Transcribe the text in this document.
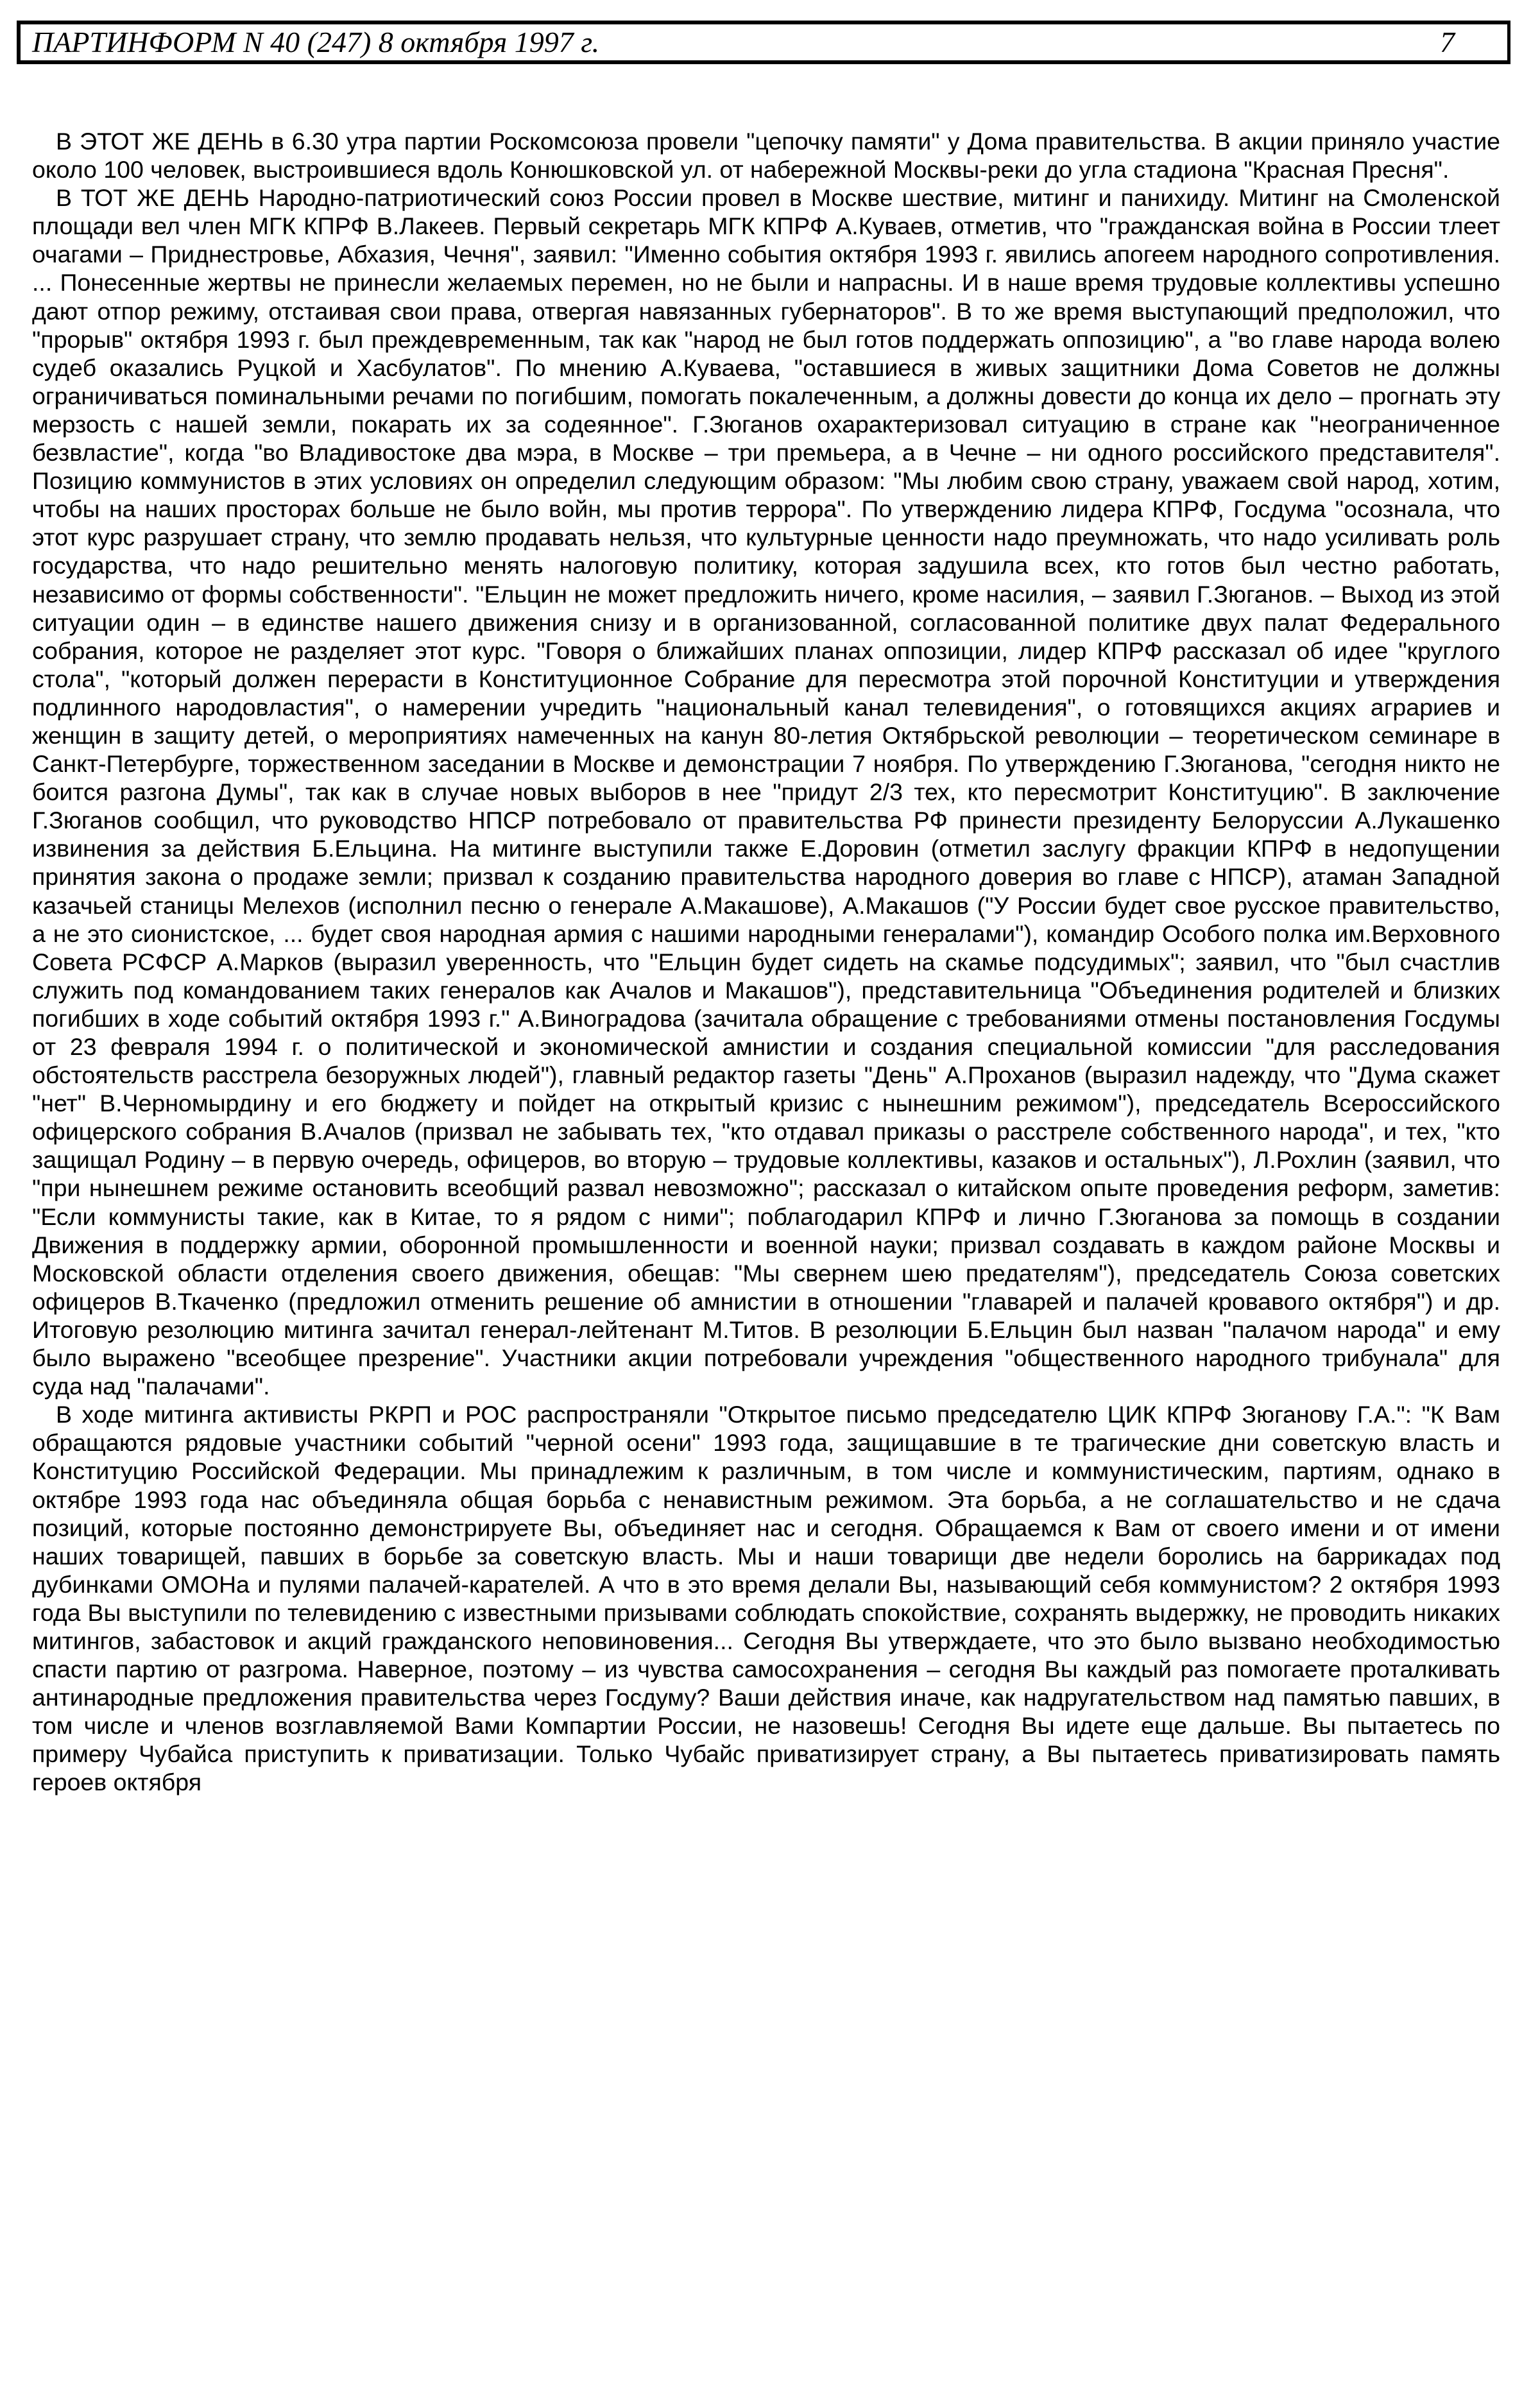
ПАРТИНФОРМ N 40 (247) 8 октября 1997 г.	7

В ЭТОТ ЖЕ ДЕНЬ в 6.30 утра партии Роскомсоюза провели "цепочку памяти" у Дома правительства. В акции приняло участие около 100 человек, выстроившиеся вдоль Конюшковской ул. от набережной Москвы-реки до угла стадиона "Красная Пресня".

В ТОТ ЖЕ ДЕНЬ Народно-патриотический союз России провел в Москве шествие, митинг и панихиду. Митинг на Смоленской площади вел член МГК КПРФ В.Лакеев. Первый секретарь МГК КПРФ А.Куваев, отметив, что "гражданская война в России тлеет очагами – Приднестровье, Абхазия, Чечня", заявил: "Именно события октября 1993 г. явились апогеем народного сопротивления. ... Понесенные жертвы не принесли желаемых перемен, но не были и напрасны. И в наше время трудовые коллективы успешно дают отпор режиму, отстаивая свои права, отвергая навязанных губернаторов". В то же время выступающий предположил, что "прорыв" октября 1993 г. был преждевременным, так как "народ не был готов поддержать оппозицию", а "во главе народа волею судеб оказались Руцкой и Хасбулатов". По мнению А.Куваева, "оставшиеся в живых защитники Дома Советов не должны ограничиваться поминальными речами по погибшим, помогать покалеченным, а должны довести до конца их дело – прогнать эту мерзость с нашей земли, покарать их за содеянное". Г.Зюганов охарактеризовал ситуацию в стране как "неограниченное безвластие", когда "во Владивостоке два мэра, в Москве – три премьера, а в Чечне – ни одного российского представителя". Позицию коммунистов в этих условиях он определил следующим образом: "Мы любим свою страну, уважаем свой народ, хотим, чтобы на наших просторах больше не было войн, мы против террора". По утверждению лидера КПРФ, Госдума "осознала, что этот курс разрушает страну, что землю продавать нельзя, что культурные ценности надо преумножать, что надо усиливать роль государства, что надо решительно менять налоговую политику, которая задушила всех, кто готов был честно работать, независимо от формы собственности". "Ельцин не может предложить ничего, кроме насилия, – заявил Г.Зюганов. – Выход из этой ситуации один – в единстве нашего движения снизу и в организованной, согласованной политике двух палат Федерального собрания, которое не разделяет этот курс. "Говоря о ближайших планах оппозиции, лидер КПРФ рассказал об идее "круглого стола", "который должен перерасти в Конституционное Собрание для пересмотра этой порочной Конституции и утверждения подлинного народовластия", о намерении учредить "национальный канал телевидения", о готовящихся акциях аграриев и женщин в защиту детей, о мероприятиях намеченных на канун 80-летия Октябрьской революции – теоретическом семинаре в Санкт-Петербурге, торжественном заседании в Москве и демонстрации 7 ноября. По утверждению Г.Зюганова, "сегодня никто не боится разгона Думы", так как в случае новых выборов в нее "придут 2/3 тех, кто пересмотрит Конституцию". В заключение Г.Зюганов сообщил, что руководство НПСР потребовало от правительства РФ принести президенту Белоруссии А.Лукашенко извинения за действия Б.Ельцина. На митинге выступили также Е.Доровин (отметил заслугу фракции КПРФ в недопущении принятия закона о продаже земли; призвал к созданию правительства народного доверия во главе с НПСР), атаман Западной казачьей станицы Мелехов (исполнил песню о генерале А.Макашове), А.Макашов ("У России будет свое русское правительство, а не это сионистское, ... будет своя народная армия с нашими народными генералами"), командир Особого полка им.Верховного Совета РСФСР А.Марков (выразил уверенность, что "Ельцин будет сидеть на скамье подсудимых"; заявил, что "был счастлив служить под командованием таких генералов как Ачалов и Макашов"), представительница "Объединения родителей и близких погибших в ходе событий октября 1993 г." А.Виноградова (зачитала обращение с требованиями отмены постановления Госдумы от 23 февраля 1994 г. о политической и экономической амнистии и создания специальной комиссии "для расследования обстоятельств расстрела безоружных людей"), главный редактор газеты "День" А.Проханов (выразил надежду, что "Дума скажет "нет" В.Черномырдину и его бюджету и пойдет на открытый кризис с нынешним режимом"), председатель Всероссийского офицерского собрания В.Ачалов (призвал не забывать тех, "кто отдавал приказы о расстреле собственного народа", и тех, "кто защищал Родину – в первую очередь, офицеров, во вторую – трудовые коллективы, казаков и остальных"), Л.Рохлин (заявил, что "при нынешнем режиме остановить всеобщий развал невозможно"; рассказал о китайском опыте проведения реформ, заметив: "Если коммунисты такие, как в Китае, то я рядом с ними"; поблагодарил КПРФ и лично Г.Зюганова за помощь в создании Движения в поддержку армии, оборонной промышленности и военной науки; призвал создавать в каждом районе Москвы и Московской области отделения своего движения, обещав: "Мы свернем шею предателям"), председатель Союза советских офицеров В.Ткаченко (предложил отменить решение об амнистии в отношении "главарей и палачей кровавого октября") и др. Итоговую резолюцию митинга зачитал генерал-лейтенант М.Титов. В резолюции Б.Ельцин был назван "палачом народа" и ему было выражено "всеобщее презрение". Участники акции потребовали учреждения "общественного народного трибунала" для суда над "палачами".

В ходе митинга активисты РКРП и РОС распространяли "Открытое письмо председателю ЦИК КПРФ Зюганову Г.А.": "К Вам обращаются рядовые участники событий "черной осени" 1993 года, защищавшие в те трагические дни советскую власть и Конституцию Российской Федерации. Мы принадлежим к различным, в том числе и коммунистическим, партиям, однако в октябре 1993 года нас объединяла общая борьба с ненавистным режимом. Эта борьба, а не соглашательство и не сдача позиций, которые постоянно демонстрируете Вы, объединяет нас и сегодня. Обращаемся к Вам от своего имени и от имени наших товарищей, павших в борьбе за советскую власть. Мы и наши товарищи две недели боролись на баррикадах под дубинками ОМОНа и пулями палачей-карателей. А что в это время делали Вы, называющий себя коммунистом? 2 октября 1993 года Вы выступили по телевидению с известными призывами соблюдать спокойствие, сохранять выдержку, не проводить никаких митингов, забастовок и акций гражданского неповиновения... Сегодня Вы утверждаете, что это было вызвано необходимостью спасти партию от разгрома. Наверное, поэтому – из чувства самосохранения – сегодня Вы каждый раз помогаете проталкивать антинародные предложения правительства через Госдуму? Ваши действия иначе, как надругательством над памятью павших, в том числе и членов возглавляемой Вами Компартии России, не назовешь! Сегодня Вы идете еще дальше. Вы пытаетесь по примеру Чубайса приступить к приватизации. Только Чубайс приватизирует страну, а Вы пытаетесь приватизировать память героев октября
